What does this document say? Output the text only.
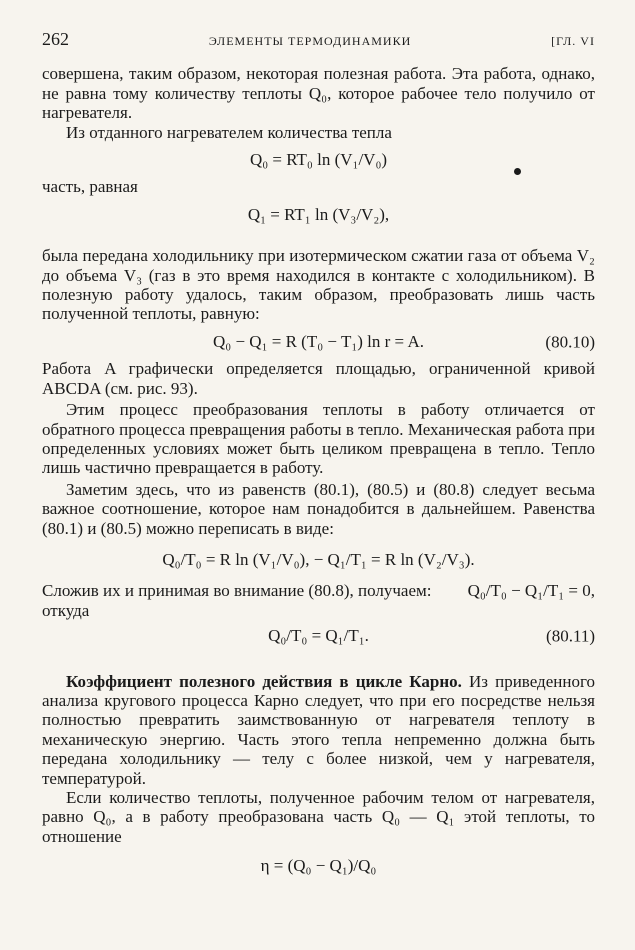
262	ЭЛЕМЕНТЫ ТЕРМОДИНАМИКИ	[ГЛ. VI

совершена, таким образом, некоторая полезная работа. Эта работа, однако, не равна тому количеству теплоты Q₀, которое рабочее тело получило от нагревателя.

Из отданного нагревателем количества тепла

Q₀ = RT₀ ln (V₁/V₀)

часть, равная

Q₁ = RT₁ ln (V₃/V₂),

была передана холодильнику при изотермическом сжатии газа от объема V₂ до объема V₃ (газ в это время находился в контакте с холодильником). В полезную работу удалось, таким образом, преобразовать лишь часть полученной теплоты, равную:

Q₀ − Q₁ = R (T₀ − T₁) ln r = A.	(80.10)

Работа A графически определяется площадью, ограниченной кривой ABCDA (см. рис. 93).

Этим процесс преобразования теплоты в работу отличается от обратного процесса превращения работы в тепло. Механическая работа при определенных условиях может быть целиком превращена в тепло. Тепло лишь частично превращается в работу.

Заметим здесь, что из равенств (80.1), (80.5) и (80.8) следует весьма важное соотношение, которое нам понадобится в дальнейшем. Равенства (80.1) и (80.5) можно переписать в виде:

Q₀/T₀ = R ln (V₁/V₀), − Q₁/T₁ = R ln (V₂/V₃).

Сложив их и принимая во внимание (80.8), получаем: Q₀/T₀ − Q₁/T₁ = 0,

откуда

Q₀/T₀ = Q₁/T₁.	(80.11)

Коэффициент полезного действия в цикле Карно. Из приведенного анализа кругового процесса Карно следует, что при его посредстве нельзя полностью превратить заимствованную от нагревателя теплоту в механическую энергию. Часть этого тепла непременно должна быть передана холодильнику — телу с более низкой, чем у нагревателя, температурой.

Если количество теплоты, полученное рабочим телом от нагревателя, равно Q₀, а в работу преобразована часть Q₀ — Q₁ этой теплоты, то отношение

η = (Q₀ − Q₁)/Q₀
